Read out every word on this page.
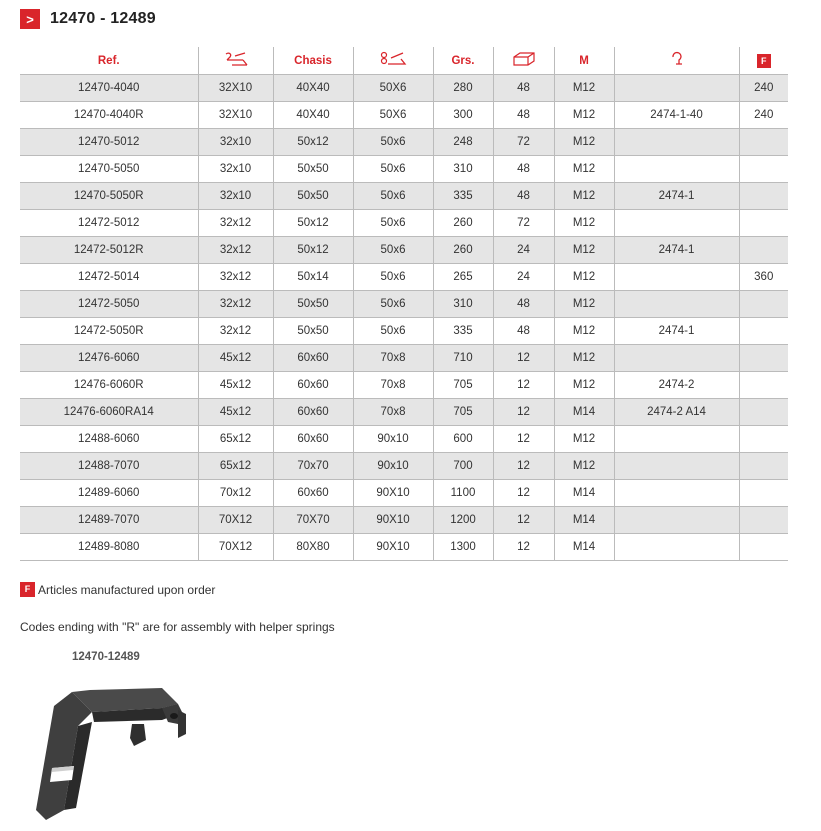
>	12470 - 12489
Ref.		Chasis		Grs.		M		F
12470-4040	32X10	40X40	50X6	280	48	M12		240
12470-4040R	32X10	40X40	50X6	300	48	M12	2474-1-40	240
12470-5012	32x10	50x12	50x6	248	72	M12		
12470-5050	32x10	50x50	50x6	310	48	M12		
12470-5050R	32x10	50x50	50x6	335	48	M12	2474-1	
12472-5012	32x12	50x12	50x6	260	72	M12		
12472-5012R	32x12	50x12	50x6	260	24	M12	2474-1	
12472-5014	32x12	50x14	50x6	265	24	M12		360
12472-5050	32x12	50x50	50x6	310	48	M12		
12472-5050R	32x12	50x50	50x6	335	48	M12	2474-1	
12476-6060	45x12	60x60	70x8	710	12	M12		
12476-6060R	45x12	60x60	70x8	705	12	M12	2474-2	
12476-6060RA14	45x12	60x60	70x8	705	12	M14	2474-2 A14	
12488-6060	65x12	60x60	90x10	600	12	M12		
12488-7070	65x12	70x70	90x10	700	12	M12		
12489-6060	70x12	60x60	90X10	1100	12	M14		
12489-7070	70X12	70X70	90X10	1200	12	M14		
12489-8080	70X12	80X80	90X10	1300	12	M14		
F Articles manufactured upon order
Codes ending with "R" are for assembly with helper springs
12470-12489
